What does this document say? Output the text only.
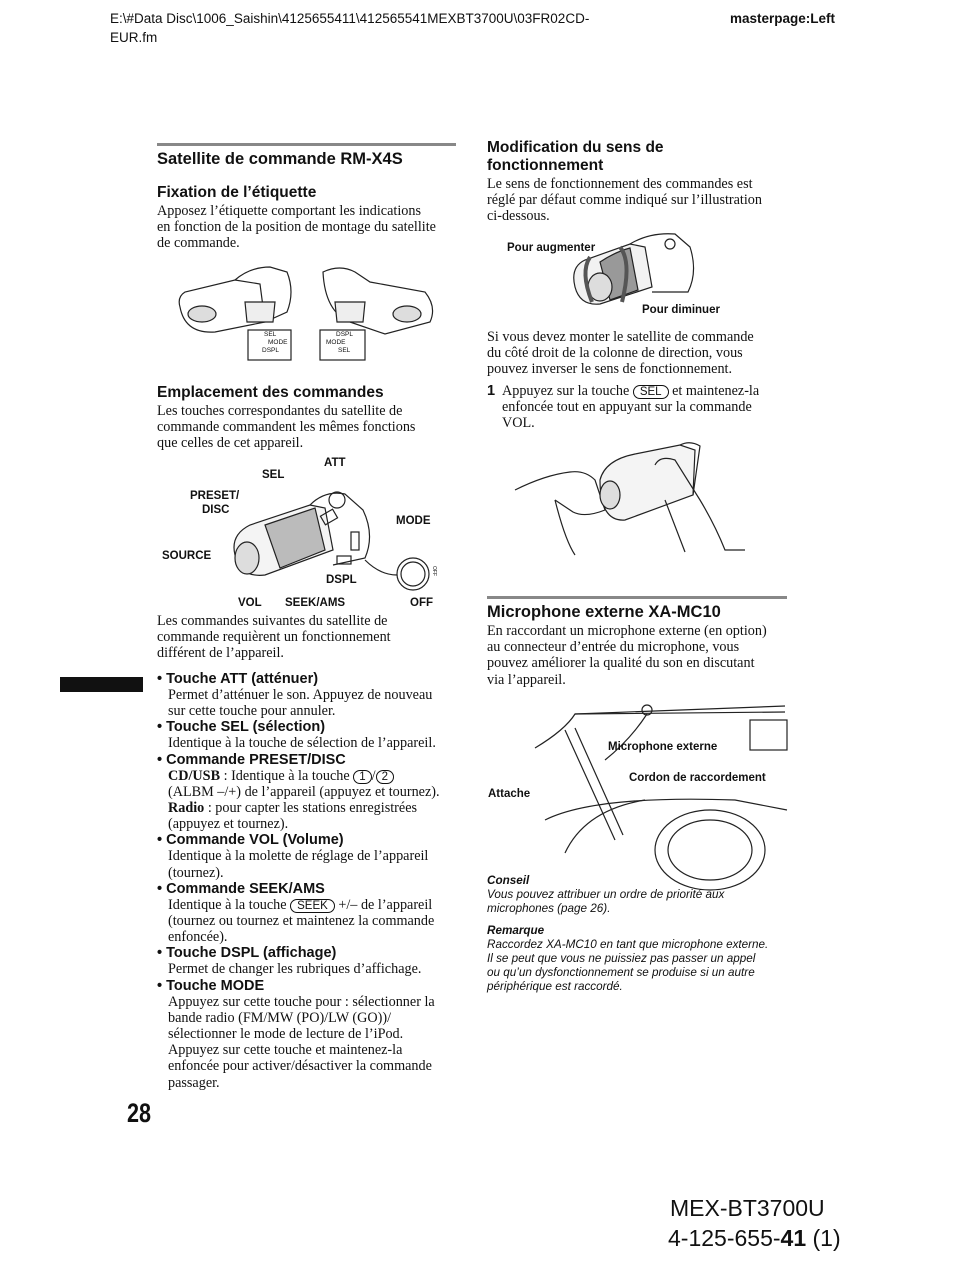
E:\#Data Disc\1006_Saishin\4125655411\412565541MEXBT3700U\03FR02CD-
EUR.fm
masterpage:Left
Satellite de commande RM-X4S
Fixation de l’étiquette
Apposez l’étiquette comportant les indications
en fonction de la position de montage du satellite
de commande.
SEL
MODE
DSPL
DSPL
MODE
SEL
Emplacement des commandes
Les touches correspondantes du satellite de
commande commandent les mêmes fonctions
que celles de cet appareil.
ATT
SEL
PRESET/
DISC
MODE
SOURCE
DSPL
VOL SEEK/AMS	OFF
OFF
Les commandes suivantes du satellite de
commande requièrent un fonctionnement
différent de l’appareil.
• Touche ATT (atténuer)
Permet d’atténuer le son. Appuyez de nouveau
sur cette touche pour annuler.
• Touche SEL (sélection)
Identique à la touche de sélection de l’appareil.
• Commande PRESET/DISC
CD/USB : Identique à la touche 1 / 2
(ALBM –/+) de l’appareil (appuyez et tournez).
Radio : pour capter les stations enregistrées
(appuyez et tournez).
• Commande VOL (Volume)
Identique à la molette de réglage de l’appareil
(tournez).
• Commande SEEK/AMS
Identique à la touche SEEK +/– de l’appareil
(tournez ou tournez et maintenez la commande
enfoncée).
• Touche DSPL (affichage)
Permet de changer les rubriques d’affichage.
• Touche MODE
Appuyez sur cette touche pour : sélectionner la
bande radio (FM/MW (PO)/LW (GO))/
sélectionner le mode de lecture de l’iPod.
Appuyez sur cette touche et maintenez-la
enfoncée pour activer/désactiver la commande
passager.
Modification du sens de
fonctionnement
Le sens de fonctionnement des commandes est
réglé par défaut comme indiqué sur l’illustration
ci-dessous.
Pour augmenter
Pour diminuer
Si vous devez monter le satellite de commande
du côté droit de la colonne de direction, vous
pouvez inverser le sens de fonctionnement.
1 Appuyez sur la touche SEL et maintenez-la
enfoncée tout en appuyant sur la commande
VOL.
Microphone externe XA-MC10
En raccordant un microphone externe (en option)
au connecteur d’entrée du microphone, vous
pouvez améliorer la qualité du son en discutant
via l’appareil.
Microphone externe
Cordon de raccordement
Attache
Conseil
Vous pouvez attribuer un ordre de priorité aux
microphones (page 26).
Remarque
Raccordez XA-MC10 en tant que microphone externe.
Il se peut que vous ne puissiez pas passer un appel
ou qu’un dysfonctionnement se produise si un autre
périphérique est raccordé.
28
MEX-BT3700U
4-125-655-41 (1)
